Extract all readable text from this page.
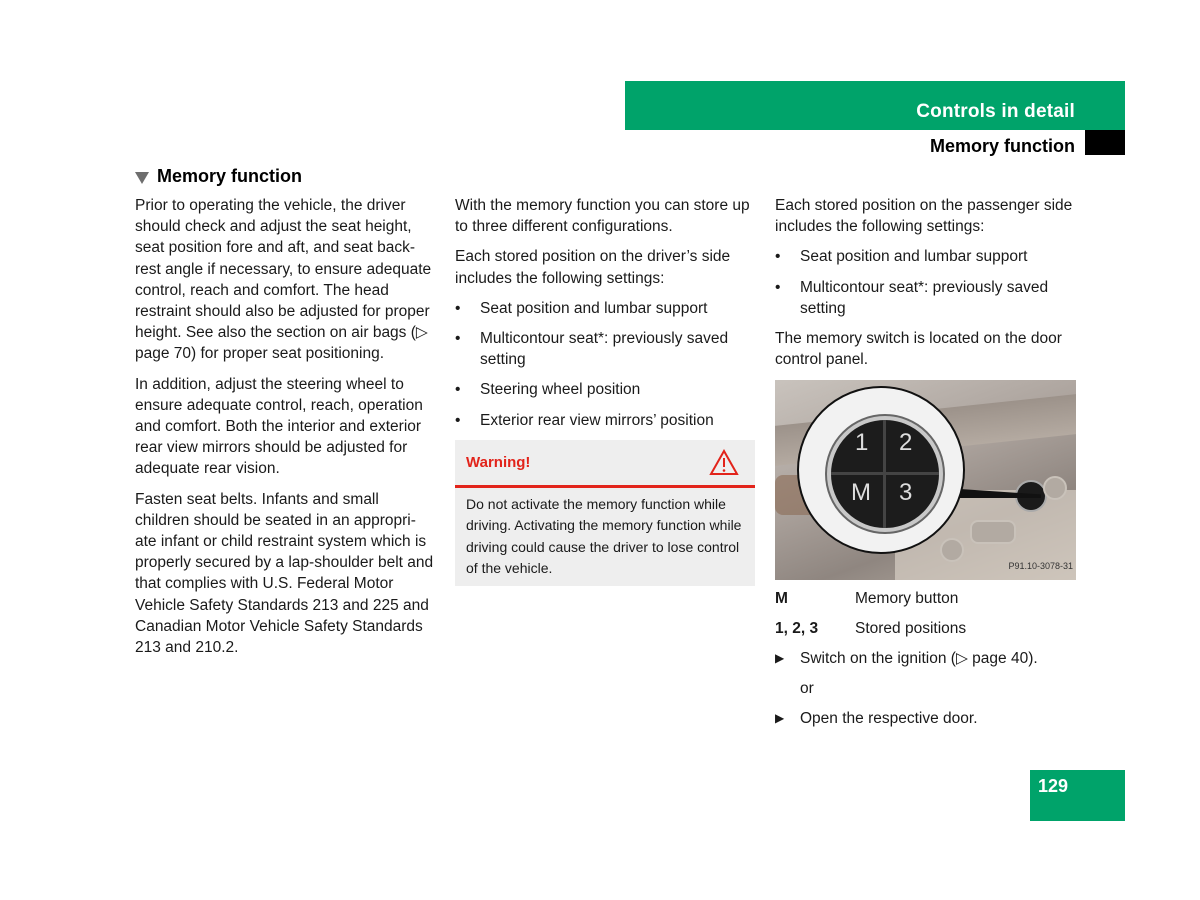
Controls in detail
Memory function
Memory function

Prior to operating the vehicle, the driver should check and adjust the seat height, seat position fore and aft, and seat back-rest angle if necessary, to ensure adequate control, reach and comfort. The head restraint should also be adjusted for proper height. See also the section on air bags (▷ page 70) for proper seat positioning.

In addition, adjust the steering wheel to ensure adequate control, reach, operation and comfort. Both the interior and exterior rear view mirrors should be adjusted for adequate rear vision.

Fasten seat belts. Infants and small children should be seated in an appropri-ate infant or child restraint system which is properly secured by a lap-shoulder belt and that complies with U.S. Federal Motor Vehicle Safety Standards 213 and 225 and Canadian Motor Vehicle Safety Standards 213 and 210.2.

With the memory function you can store up to three different configurations.

Each stored position on the driver’s side includes the following settings:

•	Seat position and lumbar support
•	Multicontour seat*: previously saved setting
•	Steering wheel position
•	Exterior rear view mirrors’ position
Warning!
Do not activate the memory function while driving. Activating the memory function while driving could cause the driver to lose control of the vehicle.

Each stored position on the passenger side includes the following settings:

•	Seat position and lumbar support
•	Multicontour seat*: previously saved setting

The memory switch is located on the door control panel.

1 2
M 3
P91.10-3078-31
M	Memory button
1, 2, 3	Stored positions
▶	Switch on the ignition (▷ page 40).
or
▶	Open the respective door.
129
